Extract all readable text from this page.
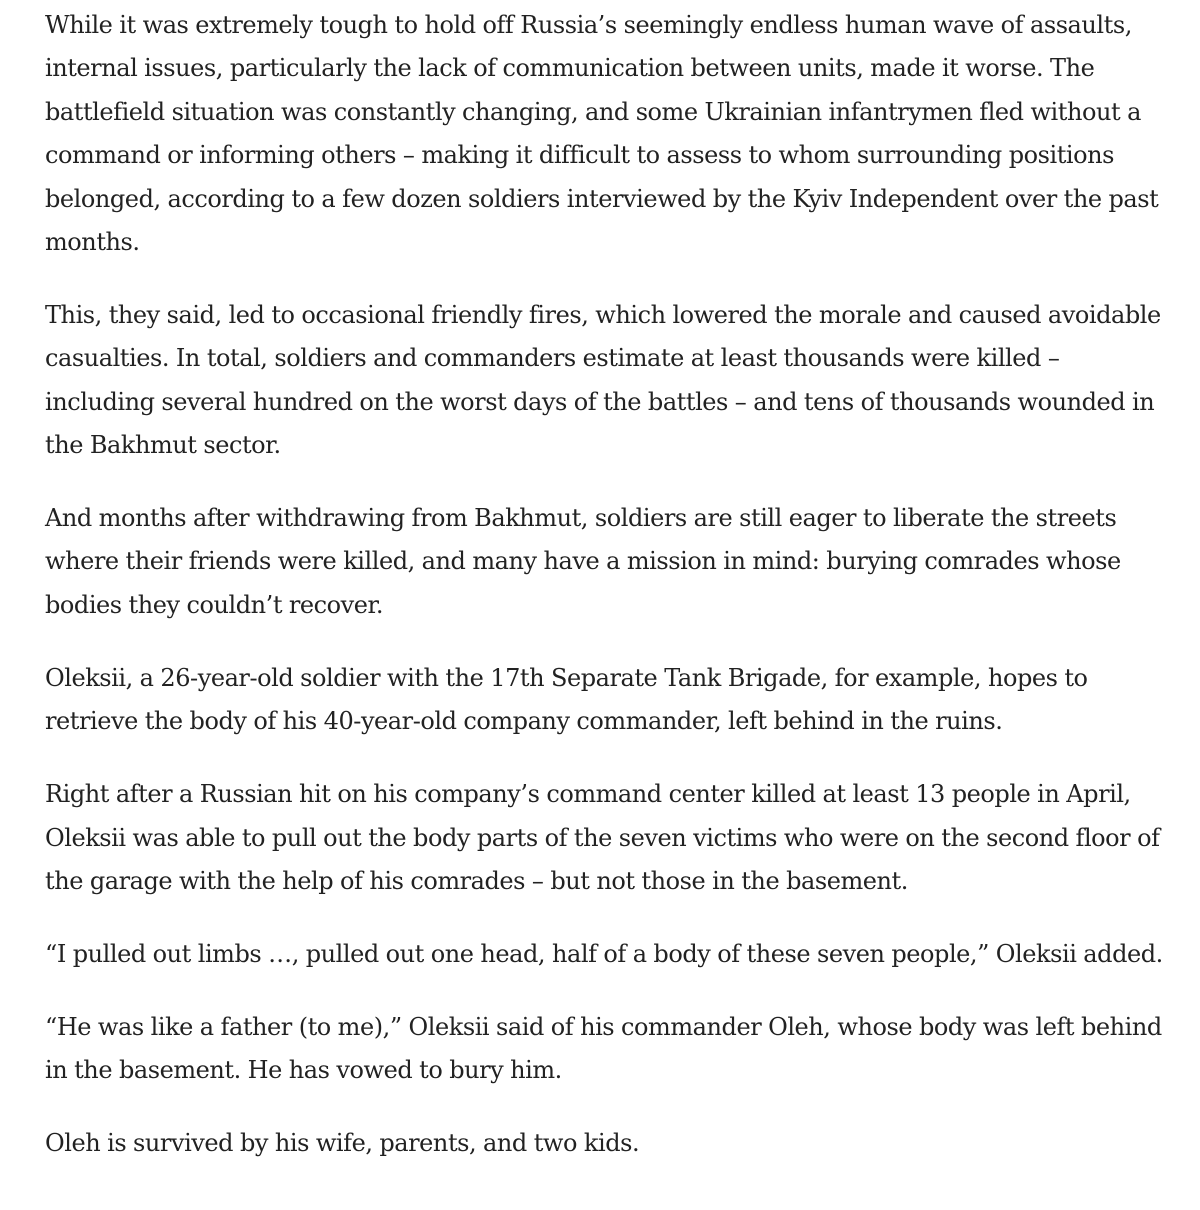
While it was extremely tough to hold off Russia’s seemingly endless human wave of assaults, internal issues, particularly the lack of communication between units, made it worse. The battlefield situation was constantly changing, and some Ukrainian infantrymen fled without a command or informing others – making it difficult to assess to whom surrounding positions belonged, according to a few dozen soldiers interviewed by the Kyiv Independent over the past months.

This, they said, led to occasional friendly fires, which lowered the morale and caused avoidable casualties. In total, soldiers and commanders estimate at least thousands were killed – including several hundred on the worst days of the battles – and tens of thousands wounded in the Bakhmut sector.

And months after withdrawing from Bakhmut, soldiers are still eager to liberate the streets where their friends were killed, and many have a mission in mind: burying comrades whose bodies they couldn’t recover.

Oleksii, a 26-year-old soldier with the 17th Separate Tank Brigade, for example, hopes to retrieve the body of his 40-year-old company commander, left behind in the ruins.

Right after a Russian hit on his company’s command center killed at least 13 people in April, Oleksii was able to pull out the body parts of the seven victims who were on the second floor of the garage with the help of his comrades – but not those in the basement.

“I pulled out limbs …, pulled out one head, half of a body of these seven people,” Oleksii added.

“He was like a father (to me),” Oleksii said of his commander Oleh, whose body was left behind in the basement. He has vowed to bury him.

Oleh is survived by his wife, parents, and two kids.
